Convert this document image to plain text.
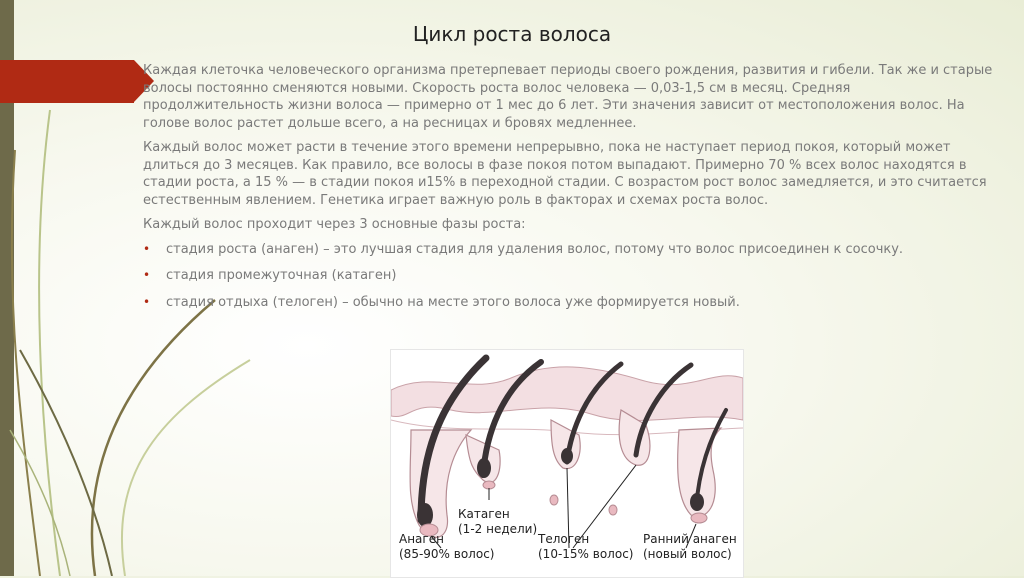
Цикл роста волоса

Каждая клеточка человеческого организма претерпевает периоды своего рождения, развития и гибели. Так же и старые волосы постоянно сменяются новыми. Скорость роста волос человека — 0,03-1,5 см в месяц. Средняя продолжительность жизни волоса — примерно от 1 мес до 6 лет. Эти значения зависит от местоположения волос. На голове волос растет дольше всего, а на ресницах и бровях медленнее.

Каждый волос может расти в течение этого времени непрерывно, пока не наступает период покоя, который может длиться до 3 месяцев. Как правило, все волосы в фазе покоя потом выпадают. Примерно 70 % всех волос находятся в стадии роста, а 15 % — в стадии покоя и15% в переходной стадии. С возрастом рост волос замедляется, и это считается естественным явлением. Генетика играет важную роль в факторах и схемах роста волос.

Каждый волос проходит через 3 основные фазы роста:

• стадия роста (анаген) – это лучшая стадия для удаления волос, потому что волос присоединен к сосочку.
• стадия промежуточная (катаген)
• стадия отдыха (телоген) – обычно на месте этого волоса уже формируется новый.
Анаген
(85-90% волос)
Катаген
(1-2 недели)
Телоген
(10-15% волос)
Ранний анаген
(новый волос)
